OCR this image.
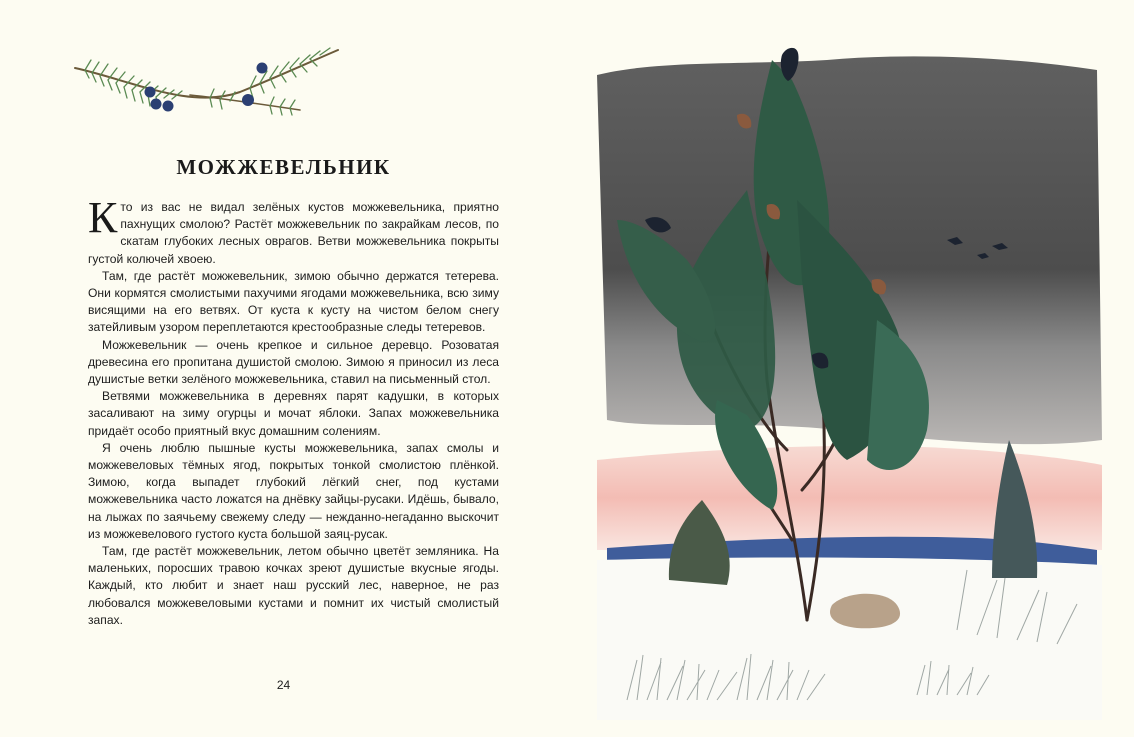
МОЖЖЕВЕЛЬНИК

Кто из вас не видал зелёных кустов можжевельника, приятно пахнущих смолою? Растёт можжевельник по закрайкам лесов, по скатам глубоких лесных оврагов. Ветви можжевельника покрыты густой колючей хвоею.

Там, где растёт можжевельник, зимою обычно держатся тетерева. Они кормятся смолистыми пахучими ягодами можжевельника, всю зиму висящими на его ветвях. От куста к кусту на чистом белом снегу затейливым узором переплетаются крестообразные следы тетеревов.

Можжевельник — очень крепкое и сильное деревцо. Розоватая древесина его пропитана душистой смолою. Зимою я приносил из леса душистые ветки зелёного можжевельника, ставил на письменный стол.

Ветвями можжевельника в деревнях парят кадушки, в которых засаливают на зиму огурцы и мочат яблоки. Запах можжевельника придаёт особо приятный вкус домашним солениям.

Я очень люблю пышные кусты можжевельника, запах смолы и можжевеловых тёмных ягод, покрытых тонкой смолистою плёнкой. Зимою, когда выпадет глубокий лёгкий снег, под кустами можжевельника часто ложатся на днёвку зайцы-русаки. Идёшь, бывало, на лыжах по заячьему свежему следу — нежданно-негаданно выскочит из можжевелового густого куста большой заяц-русак.

Там, где растёт можжевельник, летом обычно цветёт земляника. На маленьких, поросших травою кочках зреют душистые вкусные ягоды. Каждый, кто любит и знает наш русский лес, наверное, не раз любовался можжевеловыми кустами и помнит их чистый смолистый запах.

24
